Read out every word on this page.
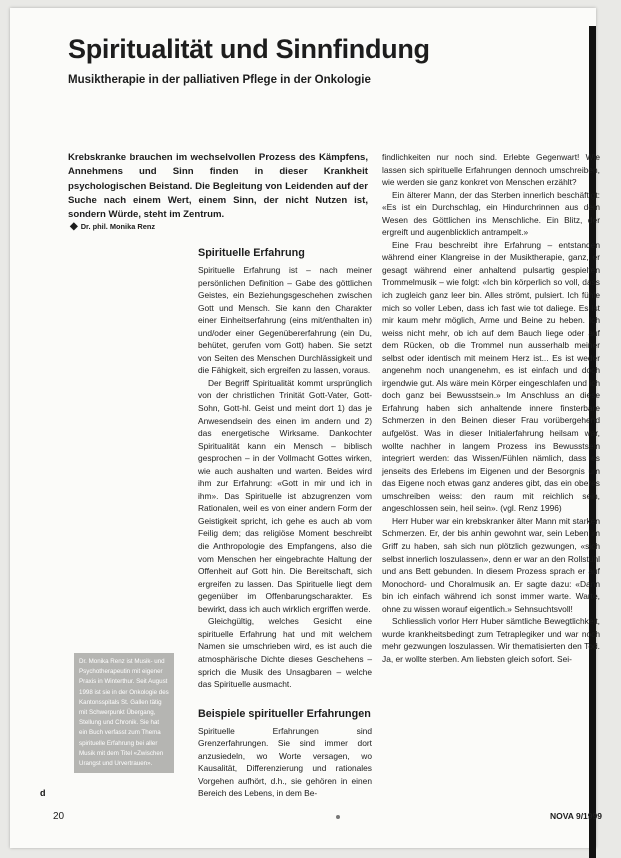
Spiritualität und Sinnfindung

Musiktherapie in der palliativen Pflege in der Onkologie

Krebskranke brauchen im wechselvollen Prozess des Kämpfens, Annehmens und Sinn finden in dieser Krankheit psychologischen Beistand. Die Begleitung von Leidenden auf der Suche nach einem Wert, einem Sinn, der nicht Nutzen ist, sondern Würde, steht im Zentrum.

◆ Dr. phil. Monika Renz
Spirituelle Erfahrung

Spirituelle Erfahrung ist – nach meiner persönlichen Definition – Gabe des göttlichen Geistes, ein Beziehungsgeschehen zwischen Gott und Mensch. Sie kann den Charakter einer Einheitserfahrung (eins mit/enthalten in) und/oder einer Gegenübererfahrung (ein Du, behütet, gerufen vom Gott) haben. Sie setzt von Seiten des Menschen Durchlässigkeit und die Fähigkeit, sich ergreifen zu lassen, voraus.

Der Begriff Spiritualität kommt ursprünglich von der christlichen Trinität Gott-Vater, Gott-Sohn, Gott-hl. Geist und meint dort 1) das je Anwesendsein des einen im andern und 2) das energetische Wirksame. Dankochter Spiritualität kann ein Mensch – biblisch gesprochen – in der Vollmacht Gottes wirken, wie auch aushalten und warten. Beides wird ihm zur Erfahrung: «Gott in mir und ich in ihm». Das Spirituelle ist abzugrenzen vom Rationalen, weil es von einer andern Form der Geistigkeit spricht, ich gehe es auch ab vom Feilig dem; das religiöse Moment beschreibt die Anthropologie des Empfangens, also die vom Menschen her eingebrachte Haltung der Offenheit auf Gott hin. Die Bereitschaft, sich ergreifen zu lassen. Das Spirituelle liegt dem gegenüber im Offenbarungscharakter. Es bewirkt, dass ich auch wirklich ergriffen werde.

Gleichgültig, welches Gesicht eine spirituelle Erfahrung hat und mit welchem Namen sie umschrieben wird, es ist auch die atmosphärische Dichte dieses Geschehens – sprich die Musik des Unsagbaren – welche das Spirituelle ausmacht.

Beispiele spiritueller Erfahrungen

Spirituelle Erfahrungen sind Grenzerfahrungen. Sie sind immer dort anzusiedeln, wo Worte versagen, wo Kausalität, Differenzierung und rationales Vorgehen aufhört, d.h., sie gehören in einen Bereich des Lebens, in dem Be-

findlichkeiten nur noch sind. Erlebte Gegenwart! Wie lassen sich spirituelle Erfahrungen dennoch umschreiben, wie werden sie ganz konkret von Menschen erzählt?

Ein älterer Mann, der das Sterben innerlich beschäftigt: «Es ist ein Durchschlag, ein Hindurchrinnen aus dem Wesen des Göttlichen ins Menschliche. Ein Blitz, der ergreift und augenblicklich antrampelt.»

Eine Frau beschreibt ihre Erfahrung – entstanden während einer Klangreise in der Musiktherapie, ganz, er gesagt während einer anhaltend pulsartig gespielten Trommelmusik – wie folgt: «Ich bin körperlich so voll, dass ich zugleich ganz leer bin. Alles strömt, pulsiert. Ich fühle mich so voller Leben, dass ich fast wie tot daliege. Es ist mir kaum mehr möglich, Arme und Beine zu heben. Ich weiss nicht mehr, ob ich auf dem Bauch liege oder auf dem Rücken, ob die Trommel nun ausserhalb meiner selbst oder identisch mit meinem Herz ist... Es ist weder angenehm noch unangenehm, es ist einfach und doch irgendwie gut. Als wäre mein Körper eingeschlafen und ich doch ganz bei Bewusstsein.» Im Anschluss an diese Erfahrung haben sich anhaltende innere finsterbare Schmerzen in den Beinen dieser Frau vorübergehend aufgelöst. Was in dieser Initialerfahrung heilsam war, wollte nachher in langem Prozess ins Bewusstsein integriert werden: das Wissen/Fühlen nämlich, dass es jenseits des Erlebens im Eigenen und der Besorgnis um das Eigene noch etwas ganz anderes gibt, das ein oberes umschreiben weiss: den raum mit reichlich sein, angeschlossen sein, heil sein». (vgl. Renz 1996)

Herr Huber war ein krebskranker älter Mann mit starken Schmerzen. Er, der bis anhin gewohnt war, sein Leben im Griff zu haben, sah sich nun plötzlich gezwungen, «sich selbst innerlich loszulassen», denn er war an den Rollstuhl und ans Bett gebunden. In diesem Prozess sprach er auf Monochord- und Choralmusik an. Er sagte dazu: «Dann bin ich einfach während ich sonst immer warte. Warte, ohne zu wissen worauf eigentlich.» Sehnsuchtsvoll!

Schliesslich vorlor Herr Huber sämtliche Bewegtlichkeit, wurde krankheitsbedingt zum Tetraplegiker und war noch mehr gezwungen loszulassen. Wir thematisierten den Tod. Ja, er wollte sterben. Am liebsten gleich sofort. Sei-

Dr. Monika Renz ist Musik- und Psychotherapeutin mit eigener Praxis in Winterthur. Seit August 1998 ist sie in der Onkologie des Kantonsspitals St. Gallen tätig mit Schwerpunkt Übergang, Stellung und Chronik. Sie hat ein Buch verfasst zum Thema spirituelle Erfahrung bei aller Musik mit dem Titel «Zwischen Urangst und Urvertrauen».
d
20	NOVA 9/1999
